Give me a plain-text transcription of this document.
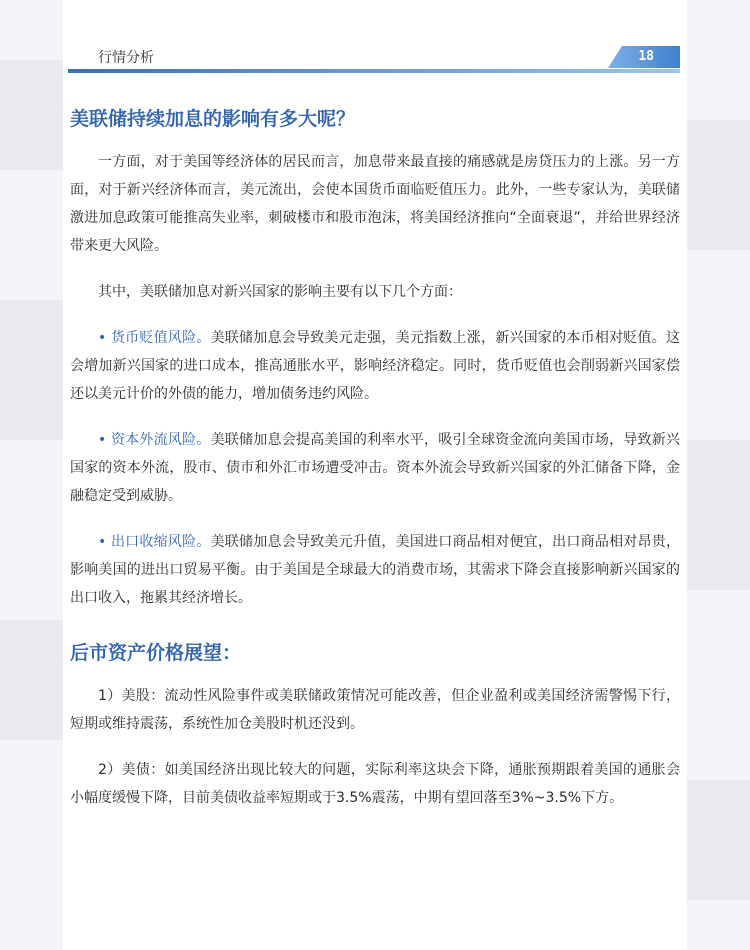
行情分析	18
美联储持续加息的影响有多大呢？

一方面，对于美国等经济体的居民而言，加息带来最直接的痛感就是房贷压力的上涨。另一方面，对于新兴经济体而言，美元流出，会使本国货币面临贬值压力。此外，一些专家认为，美联储激进加息政策可能推高失业率，刺破楼市和股市泡沫，将美国经济推向“全面衰退”，并给世界经济带来更大风险。

其中，美联储加息对新兴国家的影响主要有以下几个方面：

• 货币贬值风险。美联储加息会导致美元走强，美元指数上涨，新兴国家的本币相对贬值。这会增加新兴国家的进口成本，推高通胀水平，影响经济稳定。同时，货币贬值也会削弱新兴国家偿还以美元计价的外债的能力，增加债务违约风险。

• 资本外流风险。美联储加息会提高美国的利率水平，吸引全球资金流向美国市场，导致新兴国家的资本外流，股市、债市和外汇市场遭受冲击。资本外流会导致新兴国家的外汇储备下降，金融稳定受到威胁。

• 出口收缩风险。美联储加息会导致美元升值，美国进口商品相对便宜，出口商品相对昂贵，影响美国的进出口贸易平衡。由于美国是全球最大的消费市场，其需求下降会直接影响新兴国家的出口收入，拖累其经济增长。

后市资产价格展望：

1）美股：流动性风险事件或美联储政策情况可能改善，但企业盈利或美国经济需警惕下行，短期或维持震荡，系统性加仓美股时机还没到。

2）美债：如美国经济出现比较大的问题，实际利率这块会下降，通胀预期跟着美国的通胀会小幅度缓慢下降，目前美债收益率短期或于3.5%震荡，中期有望回落至3%~3.5%下方。
